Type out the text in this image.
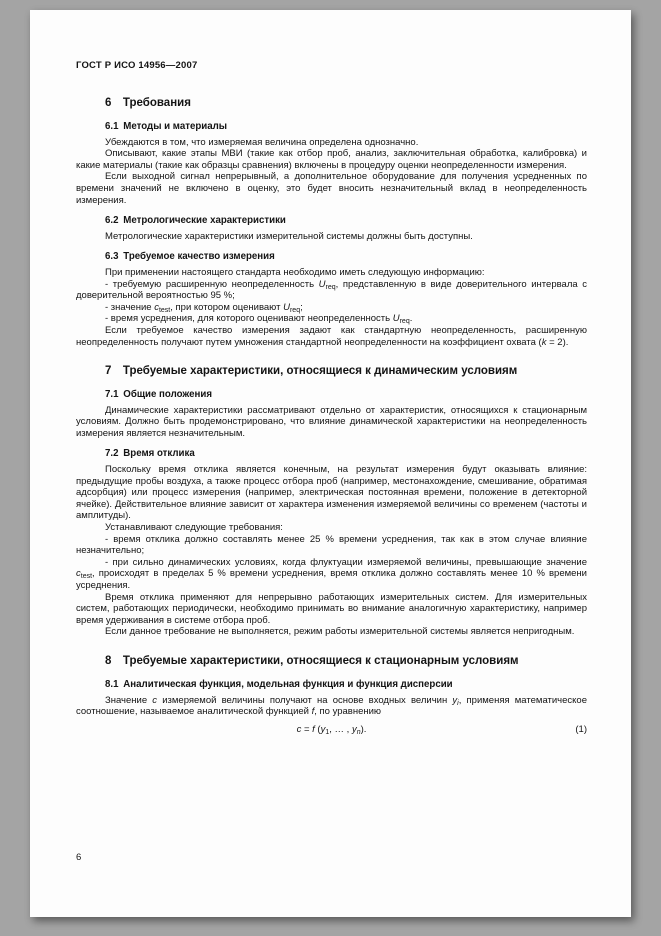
ГОСТ Р ИСО 14956—2007
6 Требования
6.1 Методы и материалы

Убеждаются в том, что измеряемая величина определена однозначно.

Описывают, какие этапы МВИ (такие как отбор проб, анализ, заключительная обработка, калибровка) и какие материалы (такие как образцы сравнения) включены в процедуру оценки неопределенности измерения.

Если выходной сигнал непрерывный, а дополнительное оборудование для получения усредненных по времени значений не включено в оценку, это будет вносить незначительный вклад в неопределенность измерения.

6.2 Метрологические характеристики

Метрологические характеристики измерительной системы должны быть доступны.

6.3 Требуемое качество измерения

При применении настоящего стандарта необходимо иметь следующую информацию:

- требуемую расширенную неопределенность $U_{req}$, представленную в виде доверительного интервала с доверительной вероятностью 95 %;

- значение $c_{test}$, при котором оценивают $U_{req}$;

- время усреднения, для которого оценивают неопределенность $U_{req}$.

Если требуемое качество измерения задают как стандартную неопределенность, расширенную неопределенность получают путем умножения стандартной неопределенности на коэффициент охвата (k = 2).

7 Требуемые характеристики, относящиеся к динамическим условиям
7.1 Общие положения

Динамические характеристики рассматривают отдельно от характеристик, относящихся к стационарным условиям. Должно быть продемонстрировано, что влияние динамической характеристики на неопределенность измерения является незначительным.

7.2 Время отклика

Поскольку время отклика является конечным, на результат измерения будут оказывать влияние: предыдущие пробы воздуха, а также процесс отбора проб (например, местонахождение, смешивание, обратимая адсорбция) или процесс измерения (например, электрическая постоянная времени, положение в детекторной ячейке). Действительное влияние зависит от характера изменения измеряемой величины со временем (частоты и амплитуды).

Устанавливают следующие требования:

- время отклика должно составлять менее 25 % времени усреднения, так как в этом случае влияние незначительно;

- при сильно динамических условиях, когда флуктуации измеряемой величины, превышающие значение $c_{test}$, происходят в пределах 5 % времени усреднения, время отклика должно составлять менее 10 % времени усреднения.

Время отклика применяют для непрерывно работающих измерительных систем. Для измерительных систем, работающих периодически, необходимо принимать во внимание аналогичную характеристику, например время удерживания в системе отбора проб.

Если данное требование не выполняется, режим работы измерительной системы является непригодным.

8 Требуемые характеристики, относящиеся к стационарным условиям
8.1 Аналитическая функция, модельная функция и функция дисперсии

Значение с измеряемой величины получают на основе входных величин $y_i$, применяя математическое соотношение, называемое аналитической функцией f, по уравнению

c = f ($y_1$, … , $y_n$).	(1)
6
